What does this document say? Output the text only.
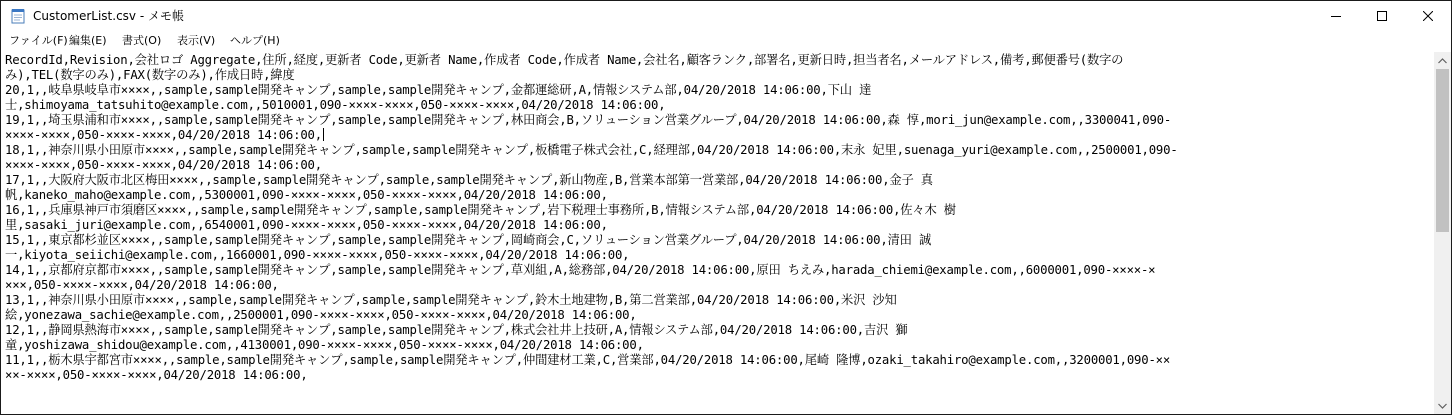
CustomerList.csv - メモ帳
ファイル(F) 編集(E) 書式(O) 表示(V) ヘルプ(H)
RecordId,Revision,会社ロゴ Aggregate,住所,経度,更新者 Code,更新者 Name,作成者 Code,作成者 Name,会社名,顧客ランク,部署名,更新日時,担当者名,メールアドレス,備考,郵便番号(数字の
み),TEL(数字のみ),FAX(数字のみ),作成日時,緯度
20,1,,岐阜県岐阜市××××,,sample,sample開発キャンプ,sample,sample開発キャンプ,金都運総研,A,情報システム部,04/20/2018 14:06:00,下山 達
士,shimoyama_tatsuhito@example.com,,5010001,090-××××-××××,050-××××-××××,04/20/2018 14:06:00,
19,1,,埼玉県浦和市××××,,sample,sample開発キャンプ,sample,sample開発キャンプ,林田商会,B,ソリューション営業グループ,04/20/2018 14:06:00,森 惇,mori_jun@example.com,,3300041,090-
××××-××××,050-××××-××××,04/20/2018 14:06:00,
18,1,,神奈川県小田原市××××,,sample,sample開発キャンプ,sample,sample開発キャンプ,板橋電子株式会社,C,経理部,04/20/2018 14:06:00,末永 妃里,suenaga_yuri@example.com,,2500001,090-
××××-××××,050-××××-××××,04/20/2018 14:06:00,
17,1,,大阪府大阪市北区梅田××××,,sample,sample開発キャンプ,sample,sample開発キャンプ,新山物産,B,営業本部第一営業部,04/20/2018 14:06:00,金子 真
帆,kaneko_maho@example.com,,5300001,090-××××-××××,050-××××-××××,04/20/2018 14:06:00,
16,1,,兵庫県神戸市須磨区××××,,sample,sample開発キャンプ,sample,sample開発キャンプ,岩下税理士事務所,B,情報システム部,04/20/2018 14:06:00,佐々木 樹
里,sasaki_juri@example.com,,6540001,090-××××-××××,050-××××-××××,04/20/2018 14:06:00,
15,1,,東京都杉並区××××,,sample,sample開発キャンプ,sample,sample開発キャンプ,岡崎商会,C,ソリューション営業グループ,04/20/2018 14:06:00,清田 誠
一,kiyota_seiichi@example.com,,1660001,090-××××-××××,050-××××-××××,04/20/2018 14:06:00,
14,1,,京都府京都市××××,,sample,sample開発キャンプ,sample,sample開発キャンプ,草刈組,A,総務部,04/20/2018 14:06:00,原田 ちえみ,harada_chiemi@example.com,,6000001,090-××××-×
×××,050-××××-××××,04/20/2018 14:06:00,
13,1,,神奈川県小田原市××××,,sample,sample開発キャンプ,sample,sample開発キャンプ,鈴木土地建物,B,第二営業部,04/20/2018 14:06:00,米沢 沙知
絵,yonezawa_sachie@example.com,,2500001,090-××××-××××,050-××××-××××,04/20/2018 14:06:00,
12,1,,静岡県熱海市××××,,sample,sample開発キャンプ,sample,sample開発キャンプ,株式会社井上技研,A,情報システム部,04/20/2018 14:06:00,吉沢 獅
童,yoshizawa_shidou@example.com,,4130001,090-××××-××××,050-××××-××××,04/20/2018 14:06:00,
11,1,,栃木県宇都宮市××××,,sample,sample開発キャンプ,sample,sample開発キャンプ,仲間建材工業,C,営業部,04/20/2018 14:06:00,尾崎 隆博,ozaki_takahiro@example.com,,3200001,090-××
××-××××,050-××××-××××,04/20/2018 14:06:00,
